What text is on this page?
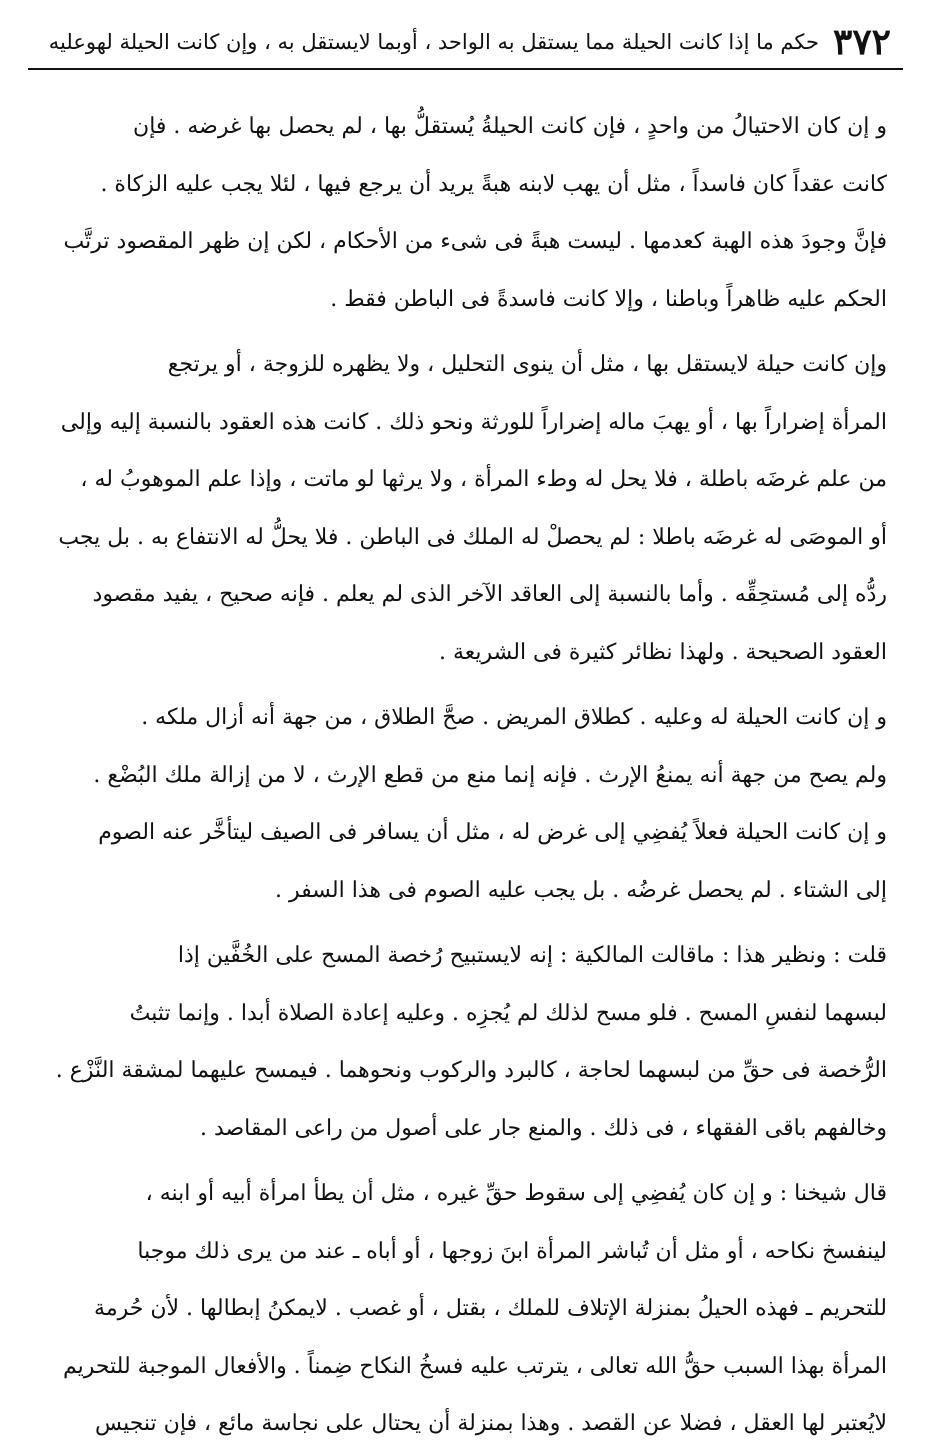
٣٧٢
حكم ما إذا كانت الحيلة مما يستقل به الواحد ، أوبما لايستقل به ، وإن كانت الحيلة لهوعليه
و إن كان الاحتيالُ من واحدٍ ، فإن كانت الحيلةُ يُستقلُّ بها ، لم يحصل بها غرضه . فإن
كانت عقداً كان فاسداً ، مثل أن يهب لابنه هبةً يريد أن يرجع فيها ، لئلا يجب عليه الزكاة .
فإنَّ وجودَ هذه الهبة كعدمها . ليست هبةً فى شىء من الأحكام ، لكن إن ظهر المقصود ترتَّب
الحكم عليه ظاهراً وباطنا ، وإلا كانت فاسدةً فى الباطن فقط .
وإن كانت حيلة لايستقل بها ، مثل أن ينوى التحليل ، ولا يظهره للزوجة ، أو يرتجع
المرأة إضراراً بها ، أو يهبَ ماله إضراراً للورثة ونحو ذلك . كانت هذه العقود بالنسبة إليه وإلى
من علم غرضَه باطلة ، فلا يحل له وطء المرأة ، ولا يرثها لو ماتت ، وإذا علم الموهوبُ له ،
أو الموصَى له غرضَه باطلا : لم يحصلْ له الملك فى الباطن . فلا يحلُّ له الانتفاع به . بل يجب
ردُّه إلى مُستحِقِّه . وأما بالنسبة إلى العاقد الآخر الذى لم يعلم . فإنه صحيح ، يفيد مقصود
العقود الصحيحة . ولهذا نظائر كثيرة فى الشريعة .
و إن كانت الحيلة له وعليه . كطلاق المريض . صحَّ الطلاق ، من جهة أنه أزال ملكه .
ولم يصح من جهة أنه يمنعُ الإرث . فإنه إنما منع من قطع الإرث ، لا من إزالة ملك البُضْع .
و إن كانت الحيلة فعلاً يُفضِي إلى غرض له ، مثل أن يسافر فى الصيف ليتأخَّر عنه الصوم
إلى الشتاء . لم يحصل غرضُه . بل يجب عليه الصوم فى هذا السفر .
قلت : ونظير هذا : ماقالت المالكية : إنه لايستبيح رُخصة المسح على الخُفَّين إذا
لبسهما لنفسِ المسح . فلو مسح لذلك لم يُجزِه . وعليه إعادة الصلاة أبدا . وإنما تثبتُ
الرُّخصة فى حقِّ من لبسهما لحاجة ، كالبرد والركوب ونحوهما . فيمسح عليهما لمشقة النَّزْع .
وخالفهم باقى الفقهاء ، فى ذلك . والمنع جار على أصول من راعى المقاصد .
قال شيخنا : و إن كان يُفضِي إلى سقوط حقِّ غيره ، مثل أن يطأ امرأة أبيه أو ابنه ،
لينفسخ نكاحه ، أو مثل أن تُباشر المرأة ابنَ زوجها ، أو أباه ـ عند من يرى ذلك موجبا
للتحريم ـ فهذه الحيلُ بمنزلة الإتلاف للملك ، بقتل ، أو غصب . لايمكنُ إبطالها . لأن حُرمة
المرأة بهذا السبب حقُّ الله تعالى ، يترتب عليه فسخُ النكاح ضِمناً . والأفعال الموجبة للتحريم
لايُعتبر لها العقل ، فضلا عن القصد . وهذا بمنزلة أن يحتال على نجاسة مائع ، فإن تنجيس
